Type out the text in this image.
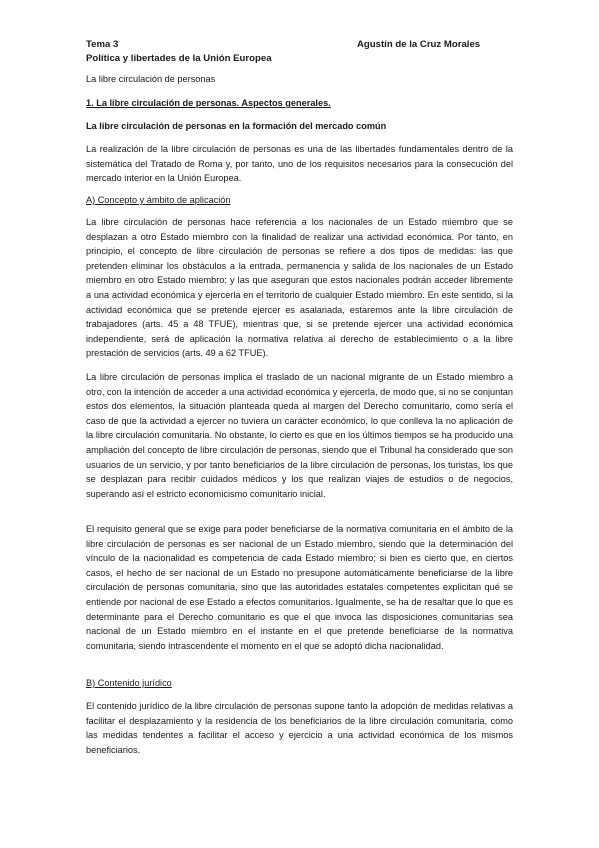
Tema 3
Política y libertades de la Unión Europea
Agustín de la Cruz Morales
La libre circulación de personas
1. La libre circulación de personas. Aspectos generales.
La libre circulación de personas en la formación del mercado común
La realización de la libre circulación de personas es una de las libertades fundamentales dentro de la sistemática del Tratado de Roma y, por tanto, uno de los requisitos necesarios para la consecución del mercado interior en la Unión Europea.
A) Concepto y ámbito de aplicación
La libre circulación de personas hace referencia a los nacionales de un Estado miembro que se desplazan a otro Estado miembro con la finalidad de realizar una actividad económica. Por tanto, en principio, el concepto de libre circulación de personas se refiere a dos tipos de medidas: las que pretenden eliminar los obstáculos a la entrada, permanencia y salida de los nacionales de un Estado miembro en otro Estado miembro; y las que aseguran que estos nacionales podrán acceder libremente a una actividad económica y ejercerla en el territorio de cualquier Estado miembro. En este sentido, si la actividad económica que se pretende ejercer es asalariada, estaremos ante la libre circulación de trabajadores (arts. 45 a 48 TFUE), mientras que, si se pretende ejercer una actividad económica independiente, será de aplicación la normativa relativa al derecho de establecimiento o a la libre prestación de servicios (arts. 49 a 62 TFUE).
La libre circulación de personas implica el traslado de un nacional migrante de un Estado miembro a otro, con la intención de acceder a una actividad económica y ejercerla, de modo que, si no se conjuntan estos dos elementos, la situación planteada queda al margen del Derecho comunitario, como sería el caso de que la actividad a ejercer no tuviera un carácter económico, lo que conlleva la no aplicación de la libre circulación comunitaria. No obstante, lo cierto es que en los últimos tiempos se ha producido una ampliación del concepto de libre circulación de personas, siendo que el Tribunal ha considerado que son usuarios de un servicio, y por tanto beneficiarios de la libre circulación de personas, los turistas, los que se desplazan para recibir cuidados médicos y los que realizan viajes de estudios o de negocios, superando así el estricto economicismo comunitario inicial.
El requisito general que se exige para poder beneficiarse de la normativa comunitaria en el ámbito de la libre circulación de personas es ser nacional de un Estado miembro, siendo que la determinación del vínculo de la nacionalidad es competencia de cada Estado miembro; si bien es cierto que, en ciertos casos, el hecho de ser nacional de un Estado no presupone automáticamente beneficiarse de la libre circulación de personas comunitaria, sino que las autoridades estatales competentes explicitan qué se entiende por nacional de ese Estado a efectos comunitarios. Igualmente, se ha de resaltar que lo que es determinante para el Derecho comunitario es que el que invoca las disposiciones comunitarias sea nacional de un Estado miembro en el instante en el que pretende beneficiarse de la normativa comunitaria, siendo intrascendente el momento en el que se adoptó dicha nacionalidad.
B) Contenido jurídico
El contenido jurídico de la libre circulación de personas supone tanto la adopción de medidas relativas a facilitar el desplazamiento y la residencia de los beneficiarios de la libre circulación comunitaria, como las medidas tendentes a facilitar el acceso y ejercicio a una actividad económica de los mismos beneficiarios.
